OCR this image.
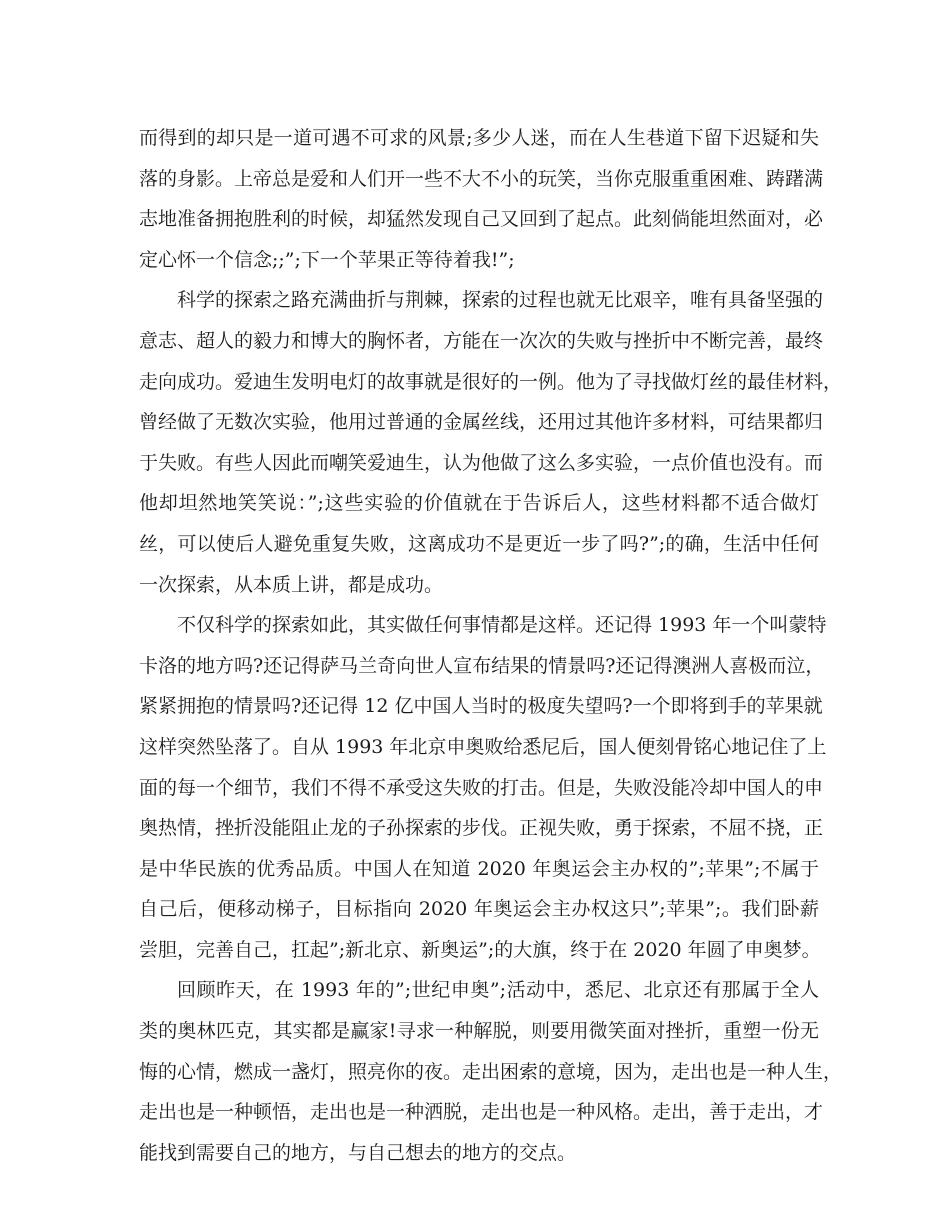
而得到的却只是一道可遇不可求的风景;多少人迷，而在人生巷道下留下迟疑和失
落的身影。上帝总是爱和人们开一些不大不小的玩笑，当你克服重重困难、踌躇满
志地准备拥抱胜利的时候，却猛然发现自己又回到了起点。此刻倘能坦然面对，必
定心怀一个信念;;”;下一个苹果正等待着我!”;
科学的探索之路充满曲折与荆棘，探索的过程也就无比艰辛，唯有具备坚强的
意志、超人的毅力和博大的胸怀者，方能在一次次的失败与挫折中不断完善，最终
走向成功。爱迪生发明电灯的故事就是很好的一例。他为了寻找做灯丝的最佳材料，
曾经做了无数次实验，他用过普通的金属丝线，还用过其他许多材料，可结果都归
于失败。有些人因此而嘲笑爱迪生，认为他做了这么多实验，一点价值也没有。而
他却坦然地笑笑说：”;这些实验的价值就在于告诉后人，这些材料都不适合做灯
丝，可以使后人避免重复失败，这离成功不是更近一步了吗?”;的确，生活中任何
一次探索，从本质上讲，都是成功。
不仅科学的探索如此，其实做任何事情都是这样。还记得 1993 年一个叫蒙特
卡洛的地方吗?还记得萨马兰奇向世人宣布结果的情景吗?还记得澳洲人喜极而泣，
紧紧拥抱的情景吗?还记得 12 亿中国人当时的极度失望吗?一个即将到手的苹果就
这样突然坠落了。自从 1993 年北京申奥败给悉尼后，国人便刻骨铭心地记住了上
面的每一个细节，我们不得不承受这失败的打击。但是，失败没能冷却中国人的申
奥热情，挫折没能阻止龙的子孙探索的步伐。正视失败，勇于探索，不屈不挠，正
是中华民族的优秀品质。中国人在知道 2020 年奥运会主办权的”;苹果”;不属于
自己后，便移动梯子，目标指向 2020 年奥运会主办权这只”;苹果”;。我们卧薪
尝胆，完善自己，扛起”;新北京、新奥运”;的大旗，终于在 2020 年圆了申奥梦。
回顾昨天，在 1993 年的”;世纪申奥”;活动中，悉尼、北京还有那属于全人
类的奥林匹克，其实都是赢家!寻求一种解脱，则要用微笑面对挫折，重塑一份无
悔的心情，燃成一盏灯，照亮你的夜。走出困索的意境，因为，走出也是一种人生，
走出也是一种顿悟，走出也是一种洒脱，走出也是一种风格。走出，善于走出，才
能找到需要自己的地方，与自己想去的地方的交点。
